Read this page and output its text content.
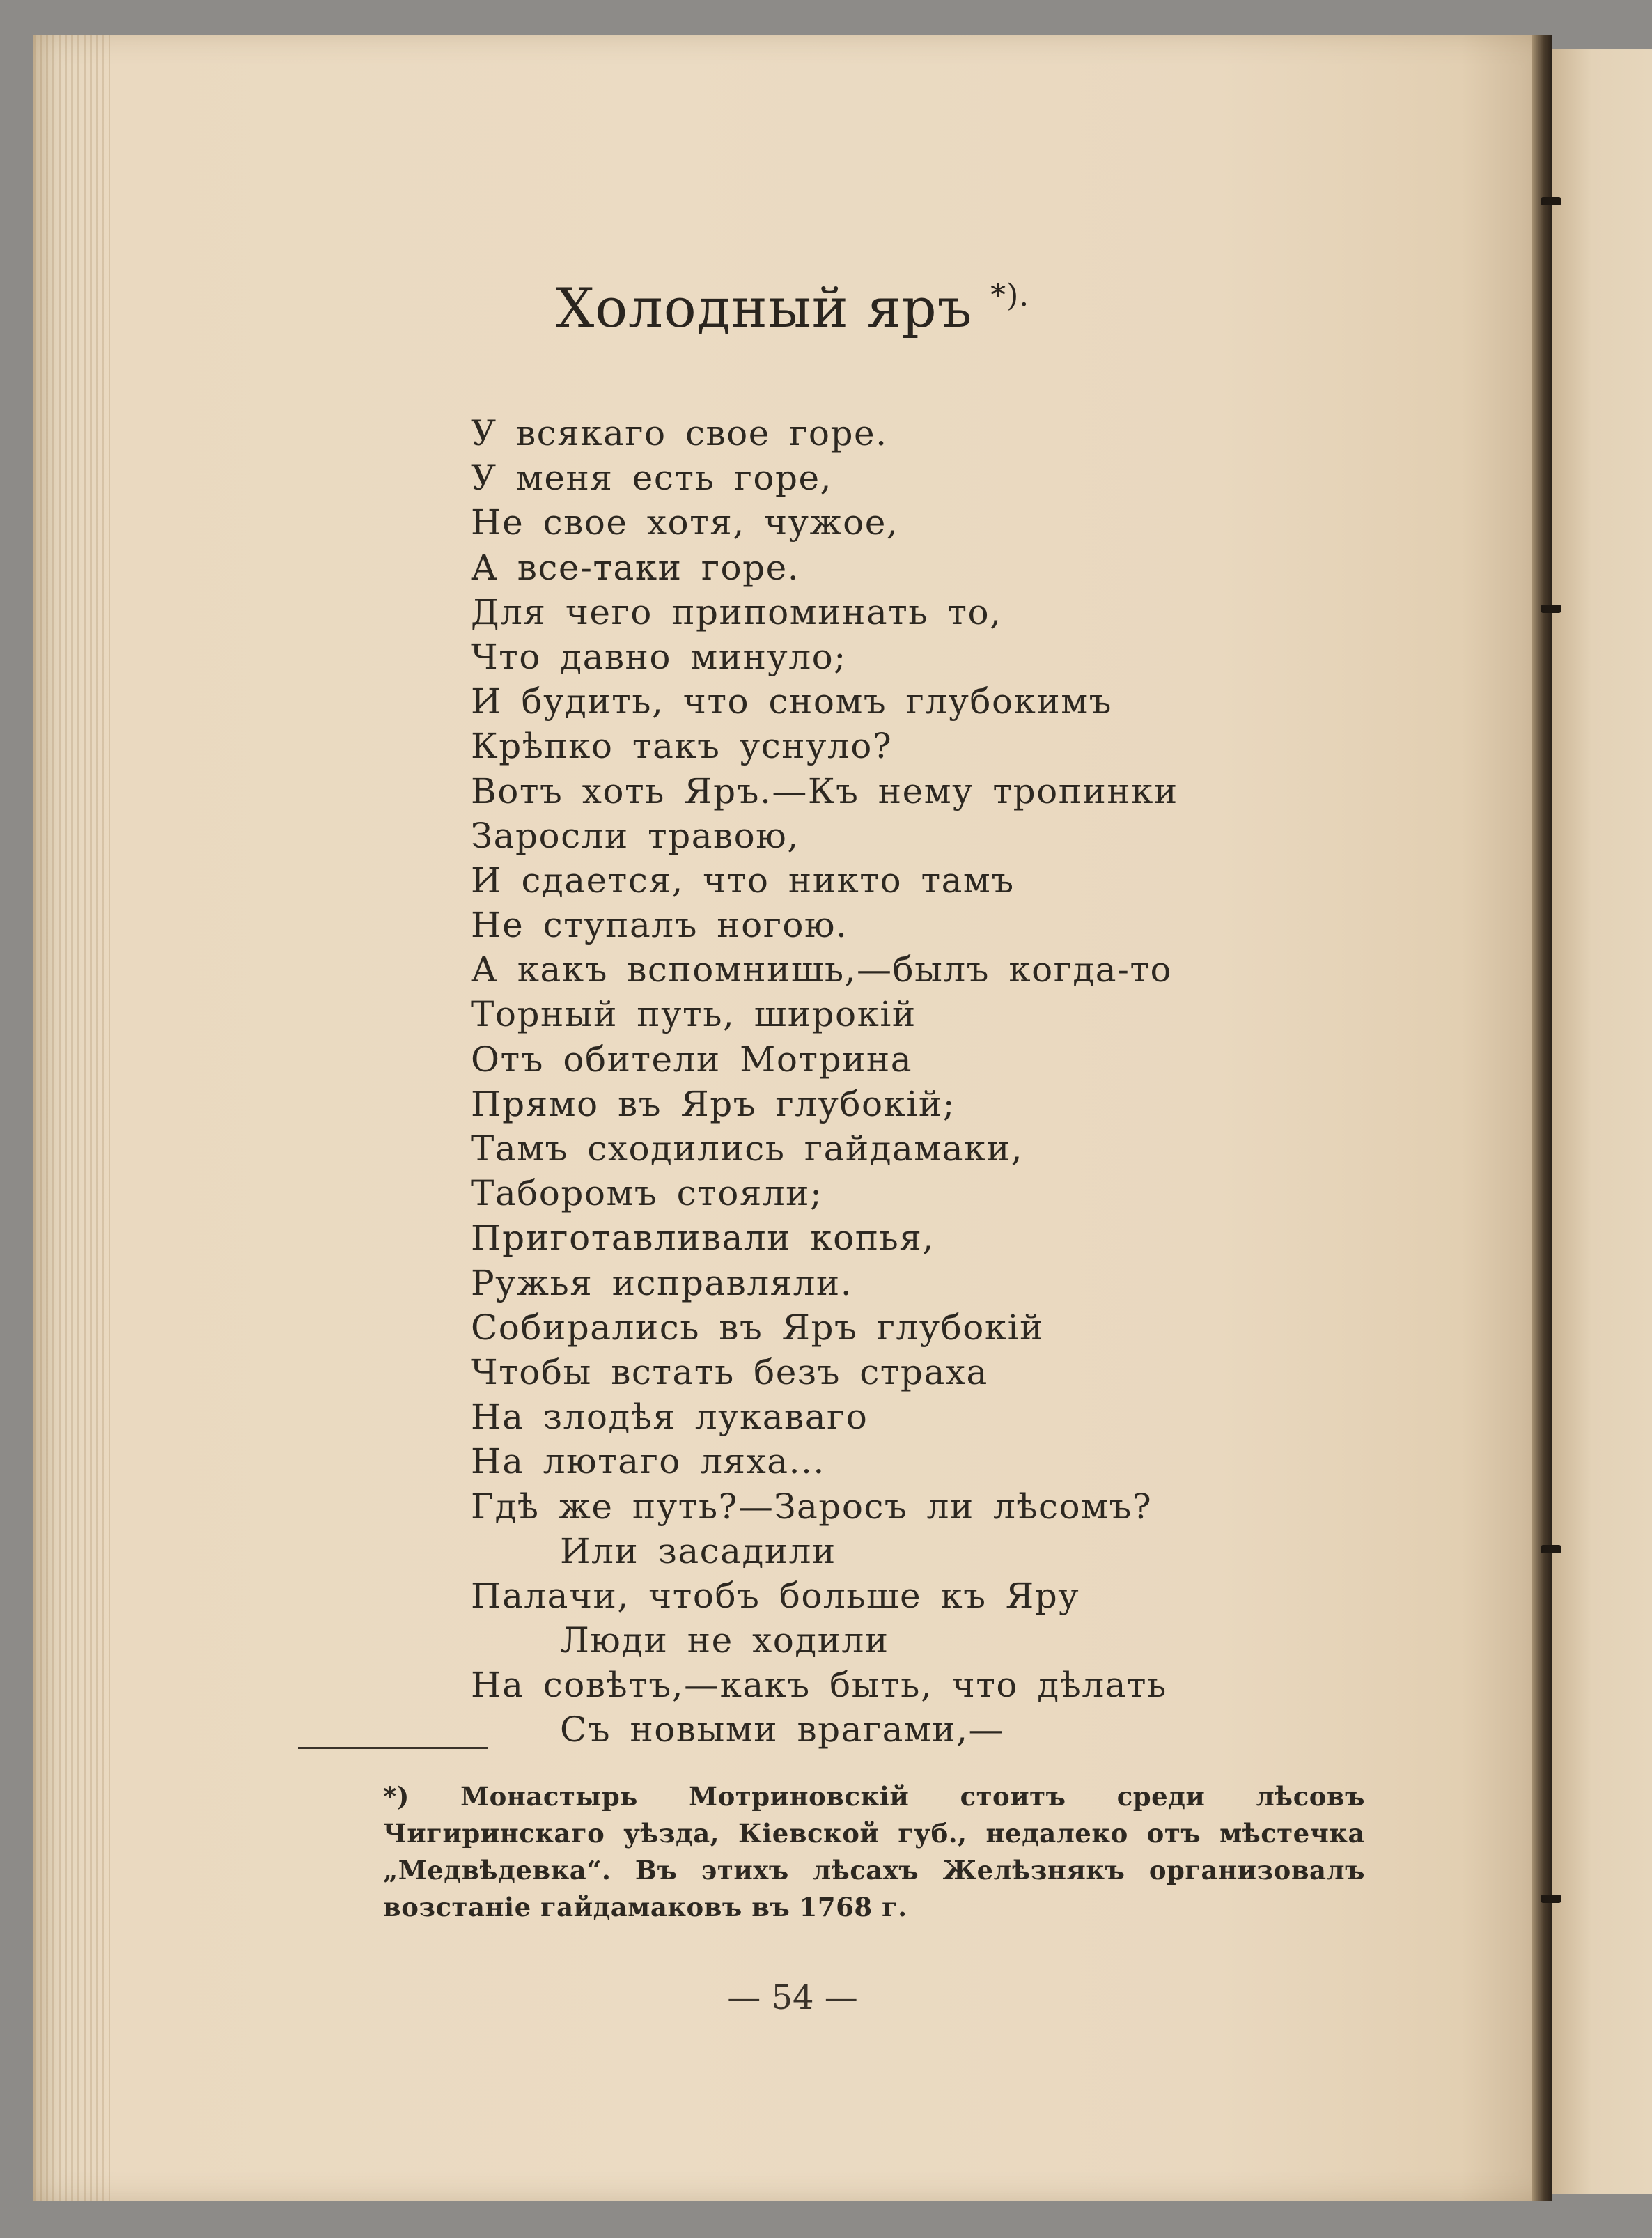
Холодный яръ *).
У всякаго свое горе.
У меня есть горе,
Не свое хотя, чужое,
А все-таки горе.
Для чего припоминать то,
Что давно минуло;
И будить, что сномъ глубокимъ
Крѣпко такъ уснуло?
Вотъ хоть Яръ.—Къ нему тропинки
Заросли травою,
И сдается, что никто тамъ
Не ступалъ ногою.
А какъ вспомнишь,—былъ когда-то
Торный путь, широкій
Отъ обители Мотрина
Прямо въ Яръ глубокій;
Тамъ сходились гайдамаки,
Таборомъ стояли;
Приготавливали копья,
Ружья исправляли.
Собирались въ Яръ глубокій
Чтобы встать безъ страха
На злодѣя лукаваго
На лютаго ляха...
Гдѣ же путь?—Заросъ ли лѣсомъ?
Или засадили
Палачи, чтобъ больше къ Яру
Люди не ходили
На совѣтъ,—какъ быть, что дѣлать
Съ новыми врагами,—
*) Монастырь Мотриновскій стоитъ среди лѣсовъ Чигиринскаго уѣзда, Кіевской губ., недалеко отъ мѣстечка „Медвѣдевка“. Въ этихъ лѣсахъ Желѣзнякъ организовалъ возстаніе гайдамаковъ въ 1768 г.
— 54 —
